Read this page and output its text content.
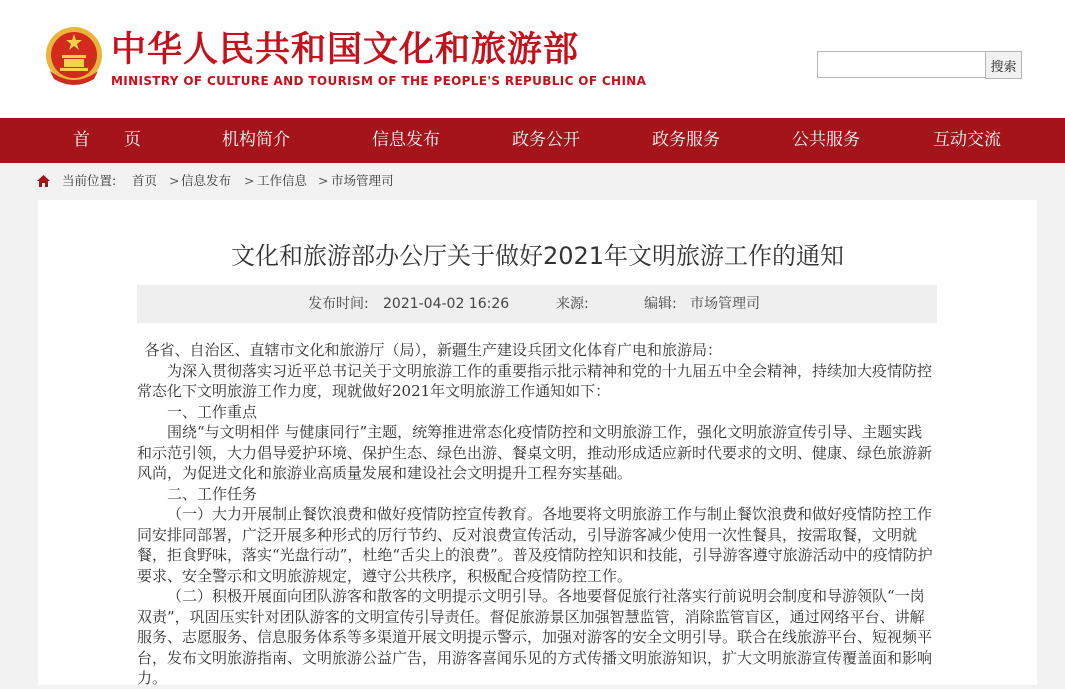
中华人民共和国文化和旅游部
MINISTRY OF CULTURE AND TOURISM OF THE PEOPLE'S REPUBLIC OF CHINA
搜索
首　　页	机构简介	信息发布	政务公开	政务服务	公共服务	互动交流
当前位置: 首页 > 信息发布 > 工作信息 > 市场管理司
文化和旅游部办公厅关于做好2021年文明旅游工作的通知
发布时间: 2021-04-02 16:26	来源:	编辑: 市场管理司

各省、自治区、直辖市文化和旅游厅（局），新疆生产建设兵团文化体育广电和旅游局：

为深入贯彻落实习近平总书记关于文明旅游工作的重要指示批示精神和党的十九届五中全会精神，持续加大疫情防控常态化下文明旅游工作力度，现就做好2021年文明旅游工作通知如下：

一、工作重点

围绕“与文明相伴 与健康同行”主题，统筹推进常态化疫情防控和文明旅游工作，强化文明旅游宣传引导、主题实践和示范引领，大力倡导爱护环境、保护生态、绿色出游、餐桌文明，推动形成适应新时代要求的文明、健康、绿色旅游新风尚，为促进文化和旅游业高质量发展和建设社会文明提升工程夯实基础。

二、工作任务

（一）大力开展制止餐饮浪费和做好疫情防控宣传教育。各地要将文明旅游工作与制止餐饮浪费和做好疫情防控工作同安排同部署，广泛开展多种形式的厉行节约、反对浪费宣传活动，引导游客减少使用一次性餐具，按需取餐，文明就餐，拒食野味，落实“光盘行动”，杜绝“舌尖上的浪费”。普及疫情防控知识和技能，引导游客遵守旅游活动中的疫情防护要求、安全警示和文明旅游规定，遵守公共秩序，积极配合疫情防控工作。

（二）积极开展面向团队游客和散客的文明提示文明引导。各地要督促旅行社落实行前说明会制度和导游领队“一岗双责”，巩固压实针对团队游客的文明宣传引导责任。督促旅游景区加强智慧监管，消除监管盲区，通过网络平台、讲解服务、志愿服务、信息服务体系等多渠道开展文明提示警示，加强对游客的安全文明引导。联合在线旅游平台、短视频平台，发布文明旅游指南、文明旅游公益广告，用游客喜闻乐见的方式传播文明旅游知识，扩大文明旅游宣传覆盖面和影响力。
